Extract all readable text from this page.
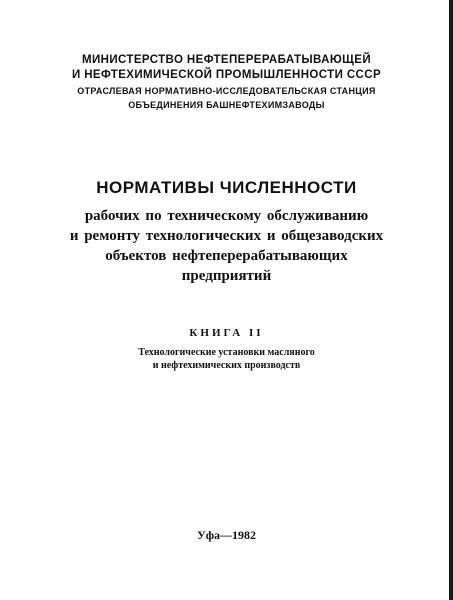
МИНИСТЕРСТВО НЕФТЕПЕРЕРАБАТЫВАЮЩЕЙ
И НЕФТЕХИМИЧЕСКОЙ ПРОМЫШЛЕННОСТИ СССР
ОТРАСЛЕВАЯ НОРМАТИВНО-ИССЛЕДОВАТЕЛЬСКАЯ СТАНЦИЯ
ОБЪЕДИНЕНИЯ БАШНЕФТЕХИМЗАВОДЫ
НОРМАТИВЫ ЧИСЛЕННОСТИ
рабочих по техническому обслуживанию
и ремонту технологических и общезаводских
объектов нефтеперерабатывающих
предприятий
КНИГА II
Технологические установки масляного
и нефтехимических производств
Уфа—1982
